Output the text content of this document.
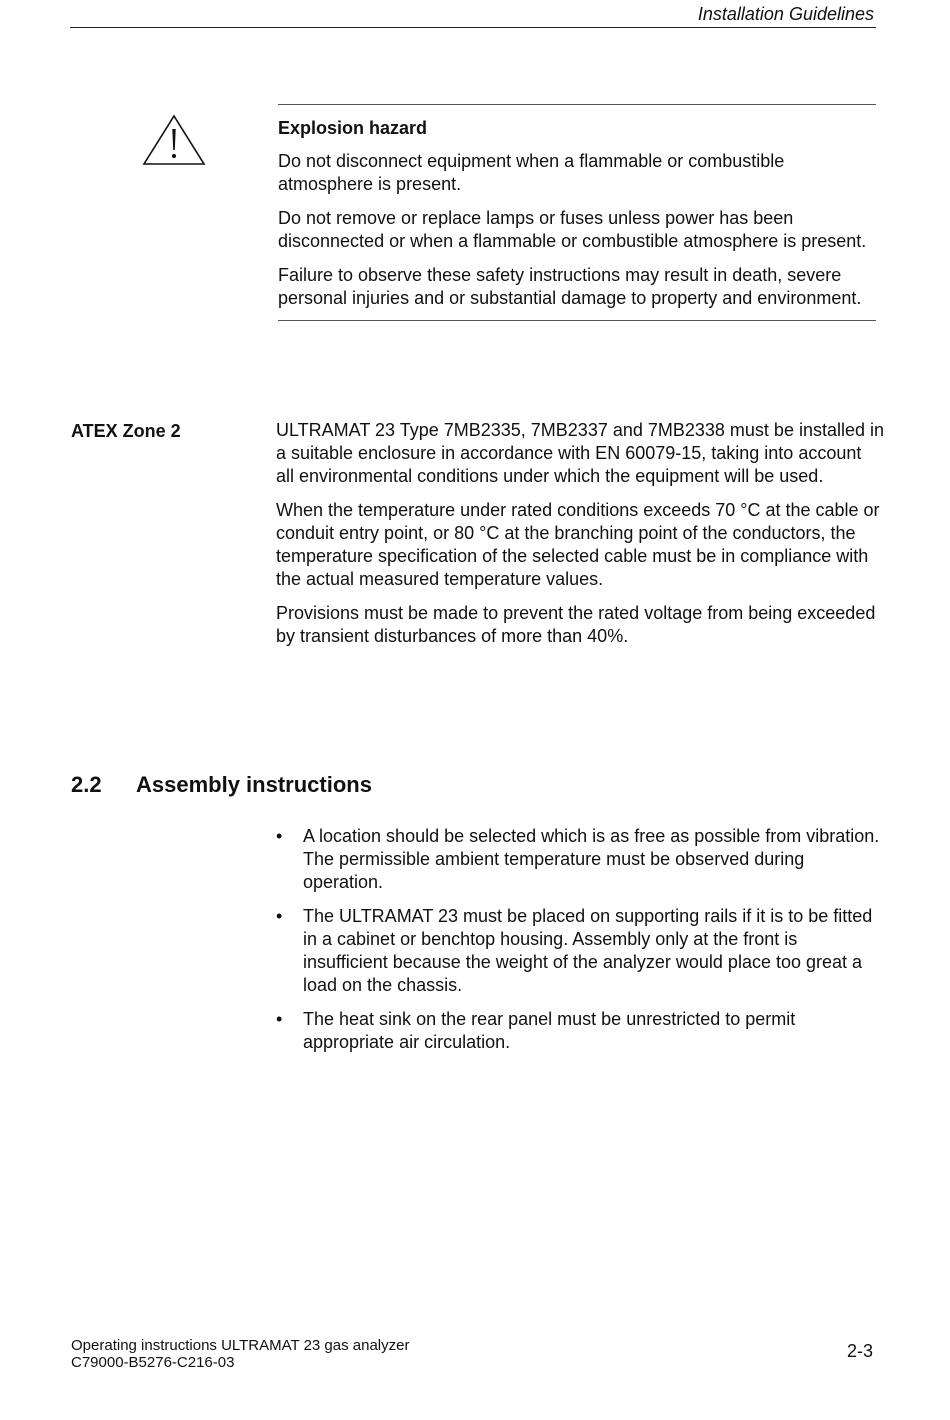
Installation Guidelines
Explosion hazard

Do not disconnect equipment when a flammable or combustible atmosphere is present.

Do not remove or replace lamps or fuses unless power has been disconnected or when a flammable or combustible atmosphere is present.

Failure to observe these safety instructions may result in death, severe personal injuries and or substantial damage to property and environment.

ATEX Zone 2	ULTRAMAT 23 Type 7MB2335, 7MB2337 and 7MB2338 must be installed in a suitable enclosure in accordance with EN 60079-15, taking into account all environmental conditions under which the equipment will be used.

When the temperature under rated conditions exceeds 70 °C at the cable or conduit entry point, or 80 °C at the branching point of the conductors, the temperature specification of the selected cable must be in compliance with the actual measured temperature values.

Provisions must be made to prevent the rated voltage from being exceeded by transient disturbances of more than 40%.

2.2 Assembly instructions
• A location should be selected which is as free as possible from vibration. The permissible ambient temperature must be observed during operation.
• The ULTRAMAT 23 must be placed on supporting rails if it is to be fitted in a cabinet or benchtop housing. Assembly only at the front is insufficient because the weight of the analyzer would place too great a load on the chassis.
• The heat sink on the rear panel must be unrestricted to permit appropriate air circulation.
Operating instructions ULTRAMAT 23 gas analyzer
C79000-B5276-C216-03
2-3
